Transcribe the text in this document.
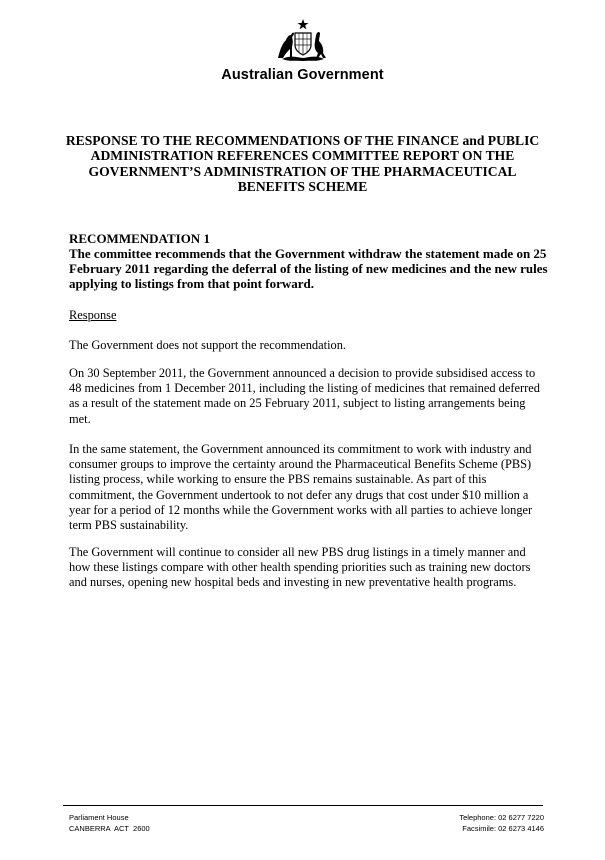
Australian Government
RESPONSE TO THE RECOMMENDATIONS OF THE FINANCE and PUBLIC ADMINISTRATION REFERENCES COMMITTEE REPORT ON THE GOVERNMENT’S ADMINISTRATION OF THE PHARMACEUTICAL BENEFITS SCHEME
RECOMMENDATION 1
The committee recommends that the Government withdraw the statement made on 25 February 2011 regarding the deferral of the listing of new medicines and the new rules applying to listings from that point forward.
Response
The Government does not support the recommendation.
On 30 September 2011, the Government announced a decision to provide subsidised access to 48 medicines from 1 December 2011, including the listing of medicines that remained deferred as a result of the statement made on 25 February 2011, subject to listing arrangements being met.
In the same statement, the Government announced its commitment to work with industry and consumer groups to improve the certainty around the Pharmaceutical Benefits Scheme (PBS) listing process, while working to ensure the PBS remains sustainable. As part of this commitment, the Government undertook to not defer any drugs that cost under $10 million a year for a period of 12 months while the Government works with all parties to achieve longer term PBS sustainability.
The Government will continue to consider all new PBS drug listings in a timely manner and how these listings compare with other health spending priorities such as training new doctors and nurses, opening new hospital beds and investing in new preventative health programs.
Parliament House
CANBERRA  ACT  2600
Telephone: 02 6277 7220
Facsimile: 02 6273 4146
